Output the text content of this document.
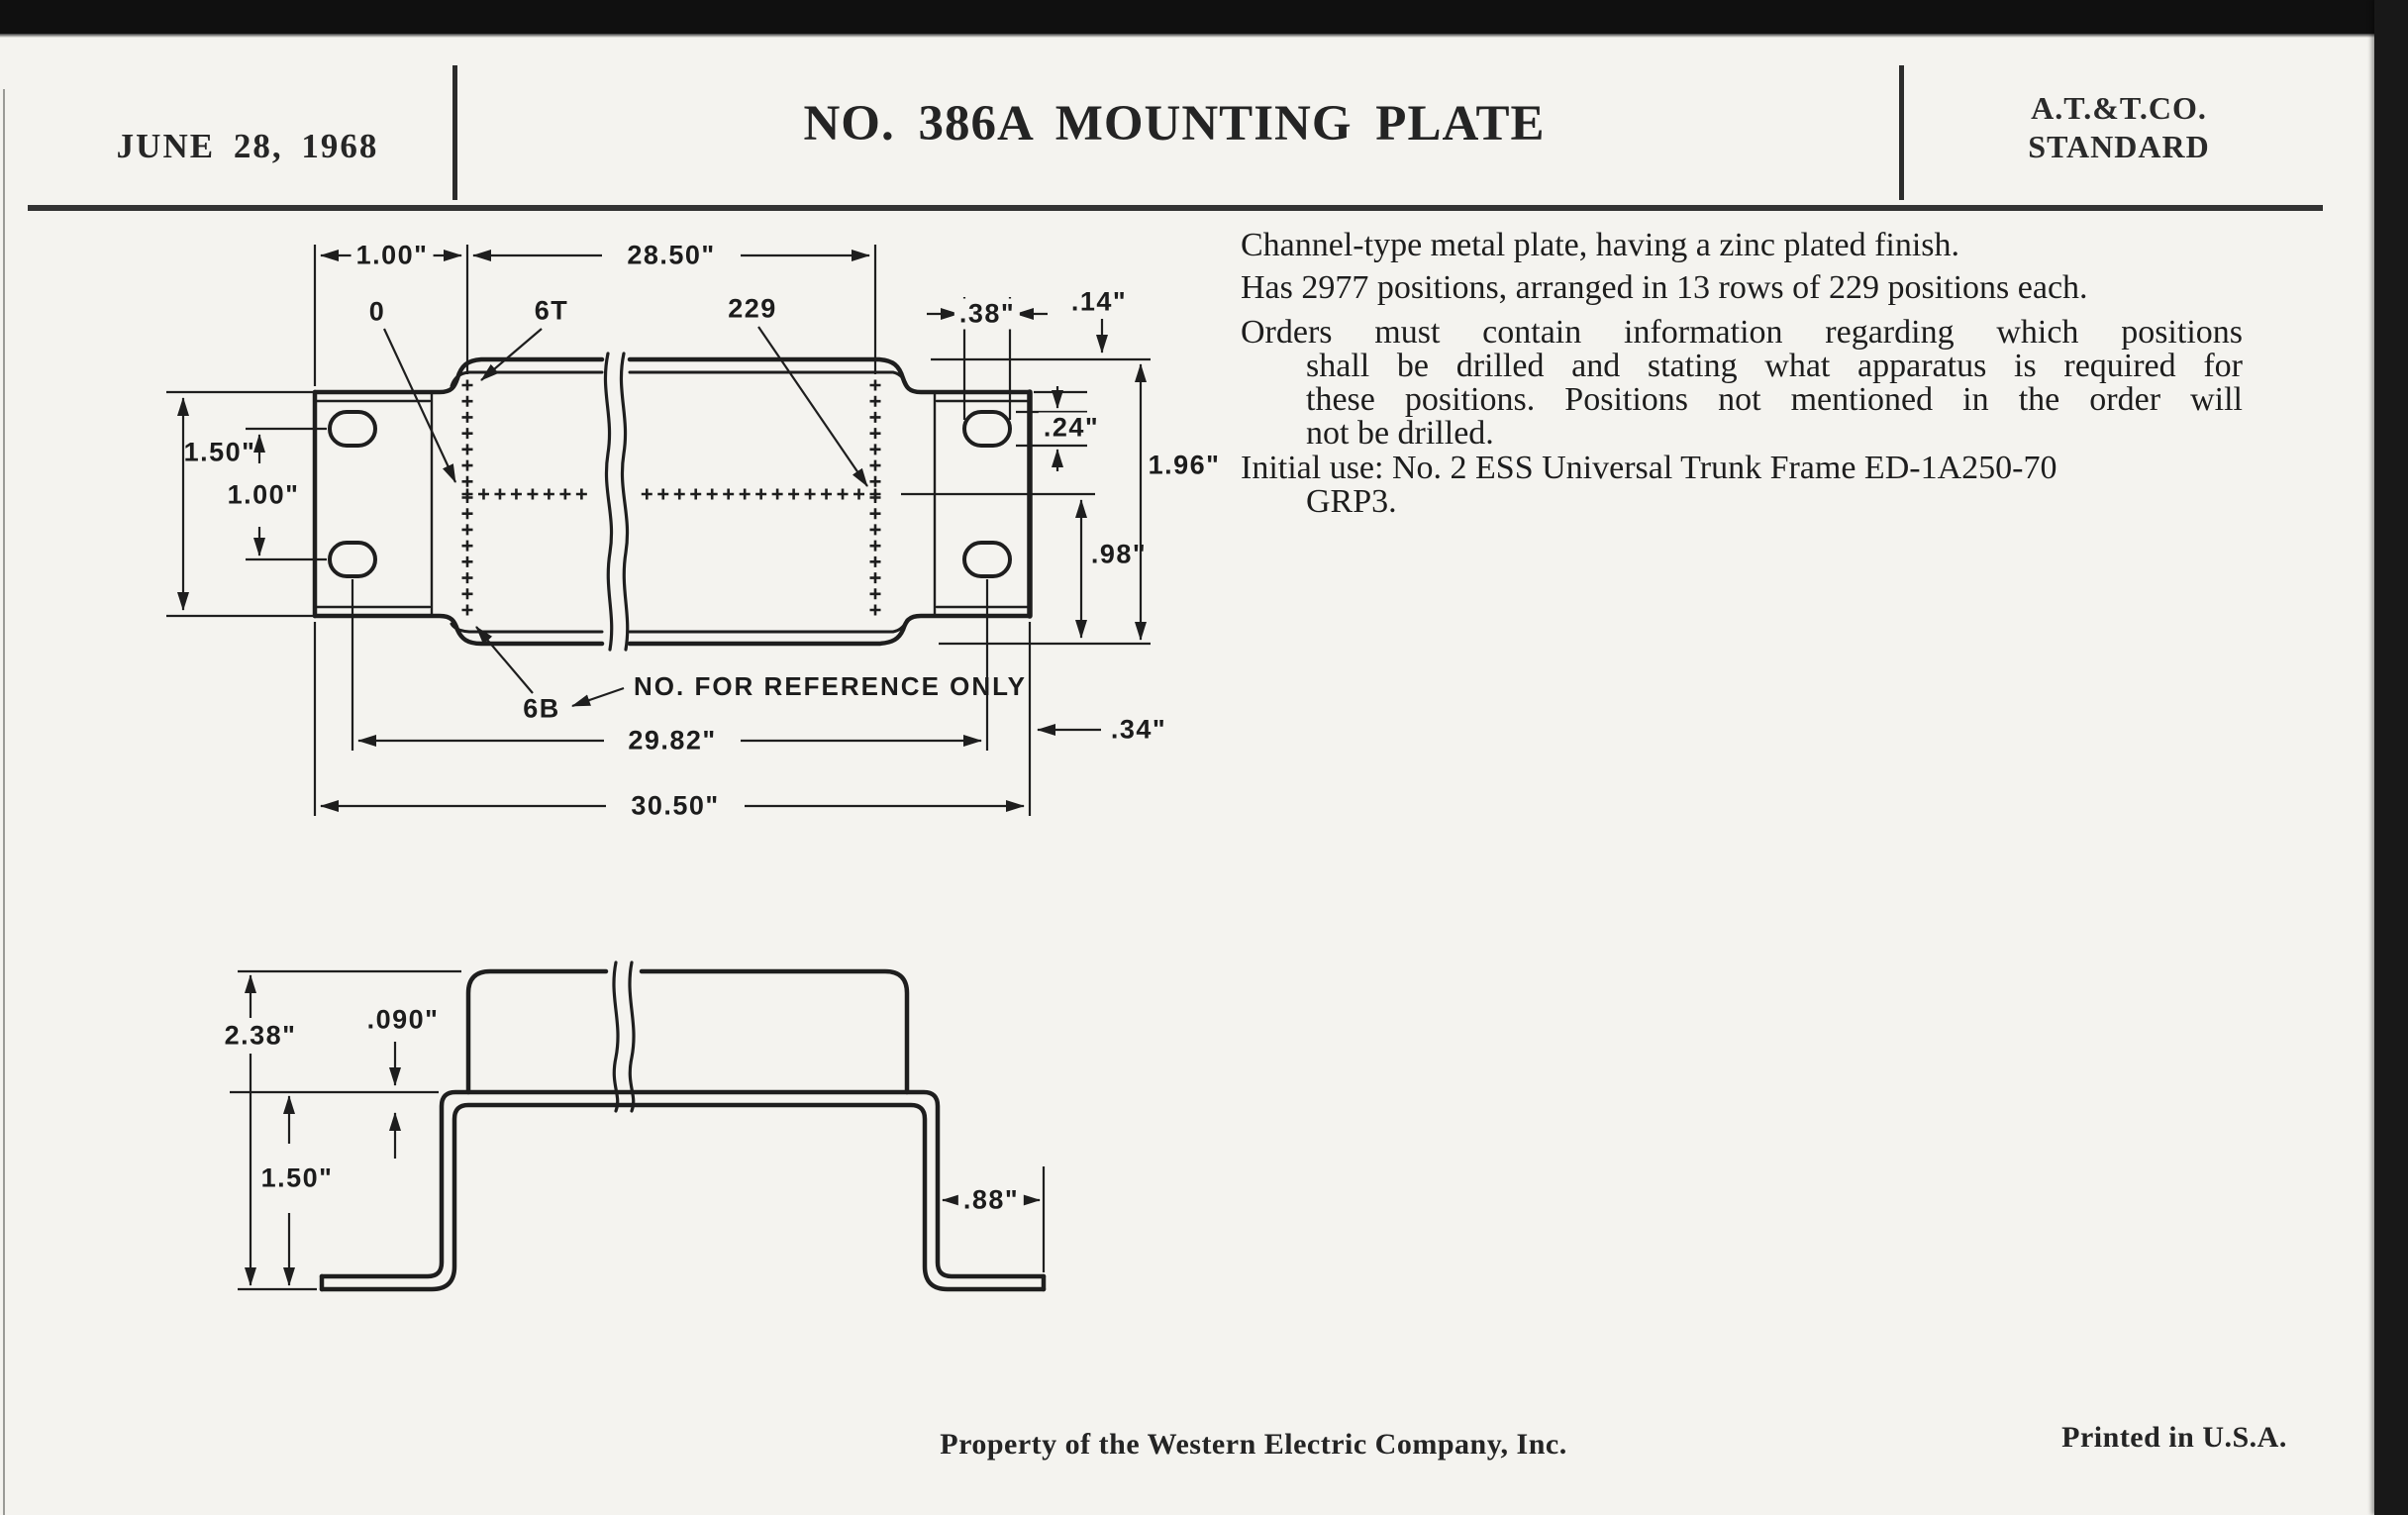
JUNE 28, 1968	NO. 386A MOUNTING PLATE	A.T.&T.CO.
STANDARD
Channel-type metal plate, having a zinc plated finish.
Has 2977 positions, arranged in 13 rows of 229 positions each.
Orders must contain information regarding which positions
shall be drilled and stating what apparatus is required for
these positions. Positions not mentioned in the order will
not be drilled.
Initial use: No. 2 ESS Universal Trunk Frame ED-1A250-70
GRP3.
1.00"	28.50"
.38" .14"
0	6T	229
1.50"
1.00"
.24"
1.96"
.98"
6B
NO. FOR REFERENCE ONLY
29.82"	.34"
30.50"
2.38"
.090"
1.50"
.88"
Property of the Western Electric Company, Inc.	Printed in U.S.A.
